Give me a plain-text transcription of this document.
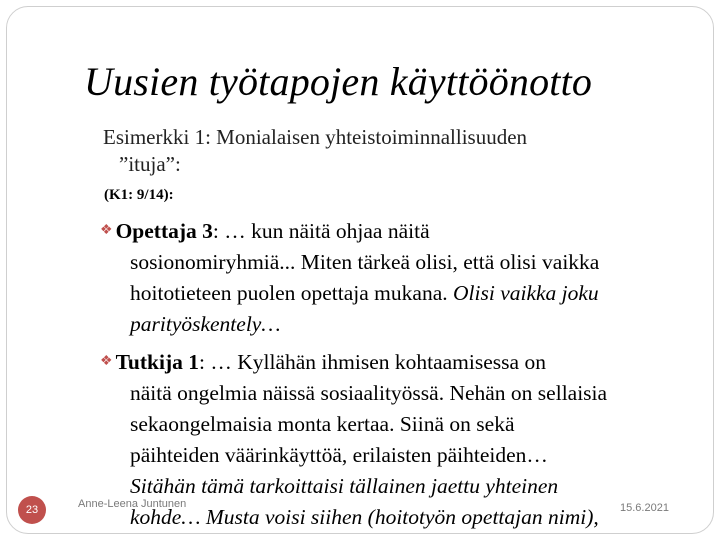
Uusien työtapojen käyttöönotto
Esimerkki 1: Monialaisen yhteistoiminnallisuuden
”ituja”:
(K1: 9/14):
❖ Opettaja 3: … kun näitä ohjaa näitä
sosionomiryhmiä... Miten tärkeä olisi, että olisi vaikka
hoitotieteen puolen opettaja mukana. Olisi vaikka joku
parityöskentely…
❖ Tutkija 1: … Kyllähän ihmisen kohtaamisessa on
näitä ongelmia näissä sosiaalityössä. Nehän on sellaisia
sekaongelmaisia monta kertaa. Siinä on sekä
päihteiden väärinkäyttöä, erilaisten päihteiden…
Sitähän tämä tarkoittaisi tällainen jaettu yhteinen
kohde… Musta voisi siihen (hoitotyön opettajan nimi),
23	Anne-Leena Juntunen	15.6.2021
